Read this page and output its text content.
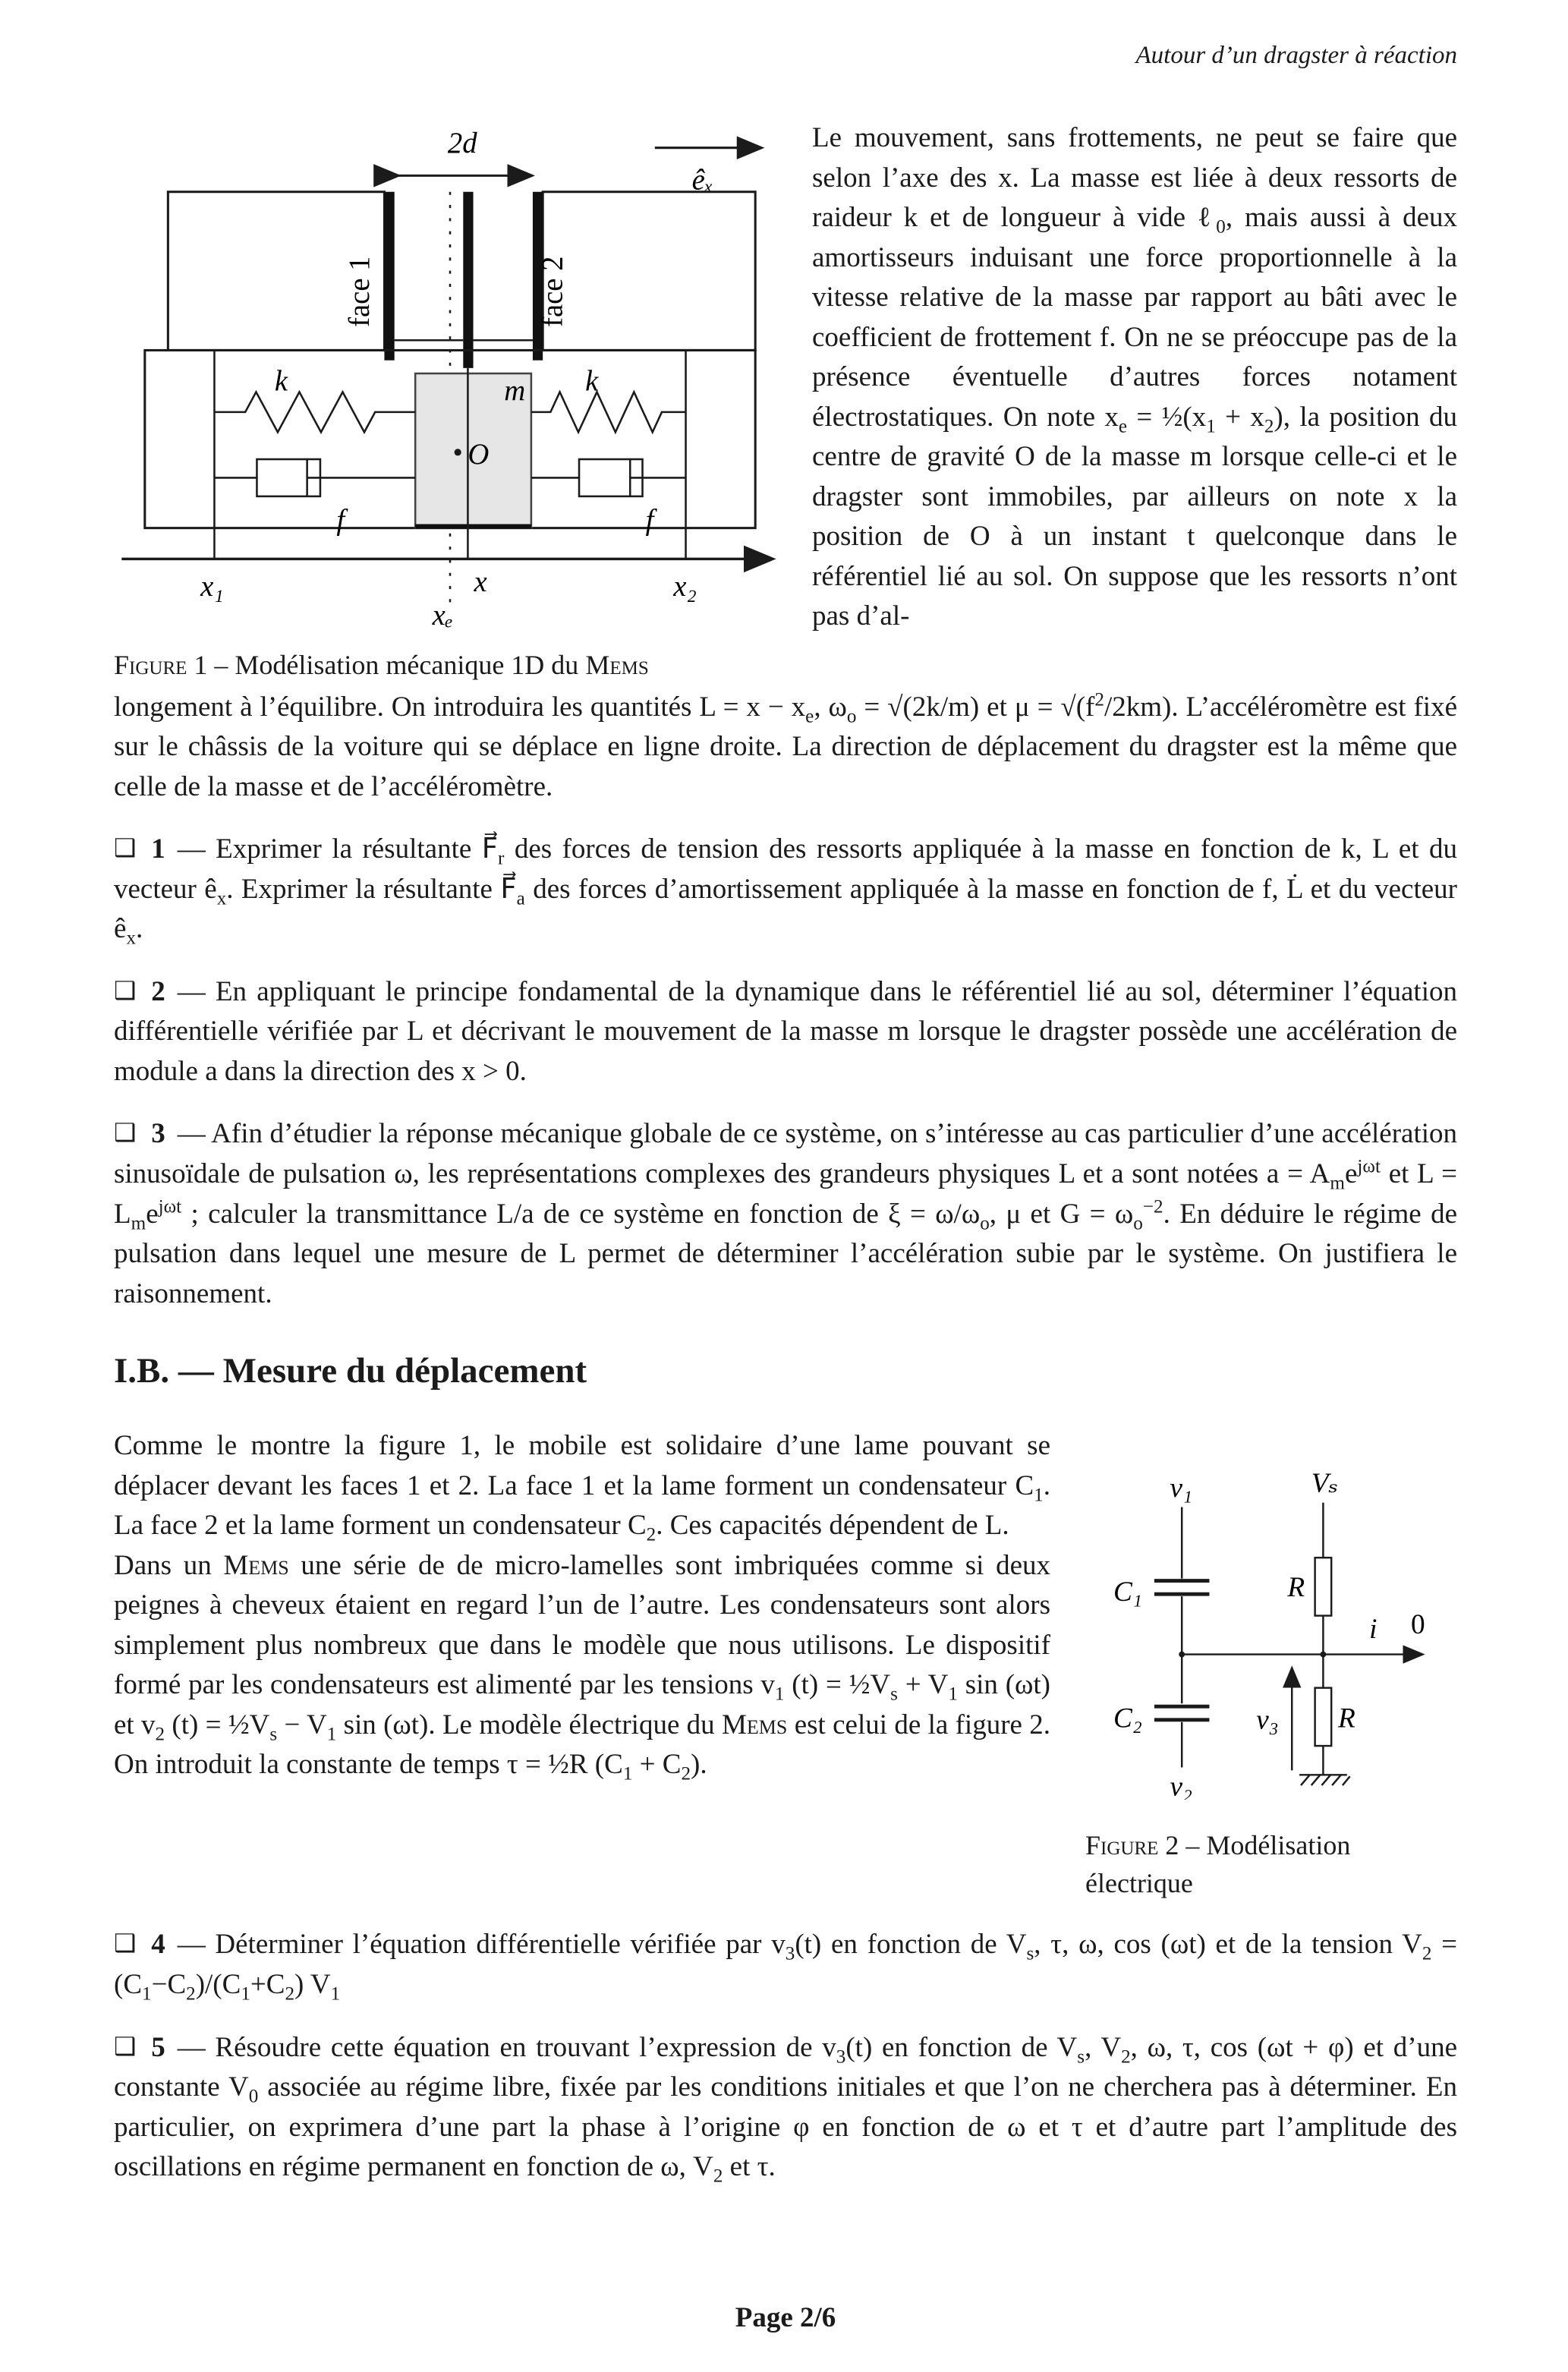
Autour d’un dragster à réaction
êₓ
2d
face 1	face 2
m
O
k	k
f	f
x₁	x	x₂
xₑ
Figure 1 – Modélisation mécanique 1D du Mems

Le mouvement, sans frottements, ne peut se faire que selon l’axe des x. La masse est liée à deux ressorts de raideur k et de longueur à vide ℓ$_0$, mais aussi à deux amortisseurs induisant une force proportionnelle à la vitesse relative de la masse par rapport au bâti avec le coefficient de frottement f. On ne se préoccupe pas de la présence éventuelle d’autres forces notament électrostatiques. On note $x_e$ = $\frac{1}{2}(x_1 + x_2)$, la position du centre de gravité O de la masse m lorsque celle-ci et le dragster sont immobiles, par ailleurs on note x la position de O à un instant t quelconque dans le référentiel lié au sol. On suppose que les ressorts n’ont pas d’al-

longement à l’équilibre. On introduira les quantités $L = x - x_e$, $\omega_o = √(2k/m)$ et $\mu = √(f^2/2km)$. L’accéléromètre est fixé sur le châssis de la voiture qui se déplace en ligne droite. La direction de déplacement du dragster est la même que celle de la masse et de l’accéléromètre.

❑ 1 — Exprimer la résultante $F⃗_r$ des forces de tension des ressorts appliquée à la masse en fonction de k, L et du vecteur $ê_x$. Exprimer la résultante $F⃗_a$ des forces d’amortissement appliquée à la masse en fonction de f, L̇ et du vecteur $ê_x$.

❑ 2 — En appliquant le principe fondamental de la dynamique dans le référentiel lié au sol, déterminer l’équation différentielle vérifiée par L et décrivant le mouvement de la masse m lorsque le dragster possède une accélération de module a dans la direction des x > 0.

❑ 3 — Afin d’étudier la réponse mécanique globale de ce système, on s’intéresse au cas particulier d’une accélération sinusoïdale de pulsation ω, les représentations complexes des grandeurs physiques L et a sont notées $a = A_me^{j\omega t}$ et $L = L_me^{j\omega t}$ ; calculer la transmittance L/a de ce système en fonction de $\xi = \omega/\omega_o$, μ et $G = \omega_o^{-2}$. En déduire le régime de pulsation dans lequel une mesure de L permet de déterminer l’accélération subie par le système. On justifiera le raisonnement.

I.B. — Mesure du déplacement

Comme le montre la figure 1, le mobile est solidaire d’une lame pouvant se déplacer devant les faces 1 et 2. La face 1 et la lame forment un condensateur $C_1$. La face 2 et la lame forment un condensateur $C_2$. Ces capacités dépendent de L.

Dans un Mems une série de de micro-lamelles sont imbriquées comme si deux peignes à cheveux étaient en regard l’un de l’autre. Les condensateurs sont alors simplement plus nombreux que dans le modèle que nous utilisons. Le dispositif formé par les condensateurs est alimenté par les tensions $v_1$ $(t) = \frac{1}{2}V_s + V_1$ sin (ωt) et $v_2$ $(t) = \frac{1}{2}V_s - V_1$ sin (ωt). Le modèle électrique du Mems est celui de la figure 2. On introduit la constante de temps τ = ½R $(C_1 + C_2)$.

v₁
C₁
C₂
v₂
i 0
Vₛ
R
R
v₃
Figure 2 – Modélisation électrique

❑ 4 — Déterminer l’équation différentielle vérifiée par $v_3(t)$ en fonction de $V_s$, τ, ω, cos (ωt) et de la tension $V_2 = (C_1-C_2)/(C_1+C_2)$ $V_1$

❑ 5 — Résoudre cette équation en trouvant l’expression de $v_3(t)$ en fonction de $V_s$, $V_2$, ω, τ, cos (ωt + φ) et d’une constante $V_0$ associée au régime libre, fixée par les conditions initiales et que l’on ne cherchera pas à déterminer. En particulier, on exprimera d’une part la phase à l’origine φ en fonction de ω et τ et d’autre part l’amplitude des oscillations en régime permanent en fonction de ω, $V_2$ et τ.

Page 2/6
